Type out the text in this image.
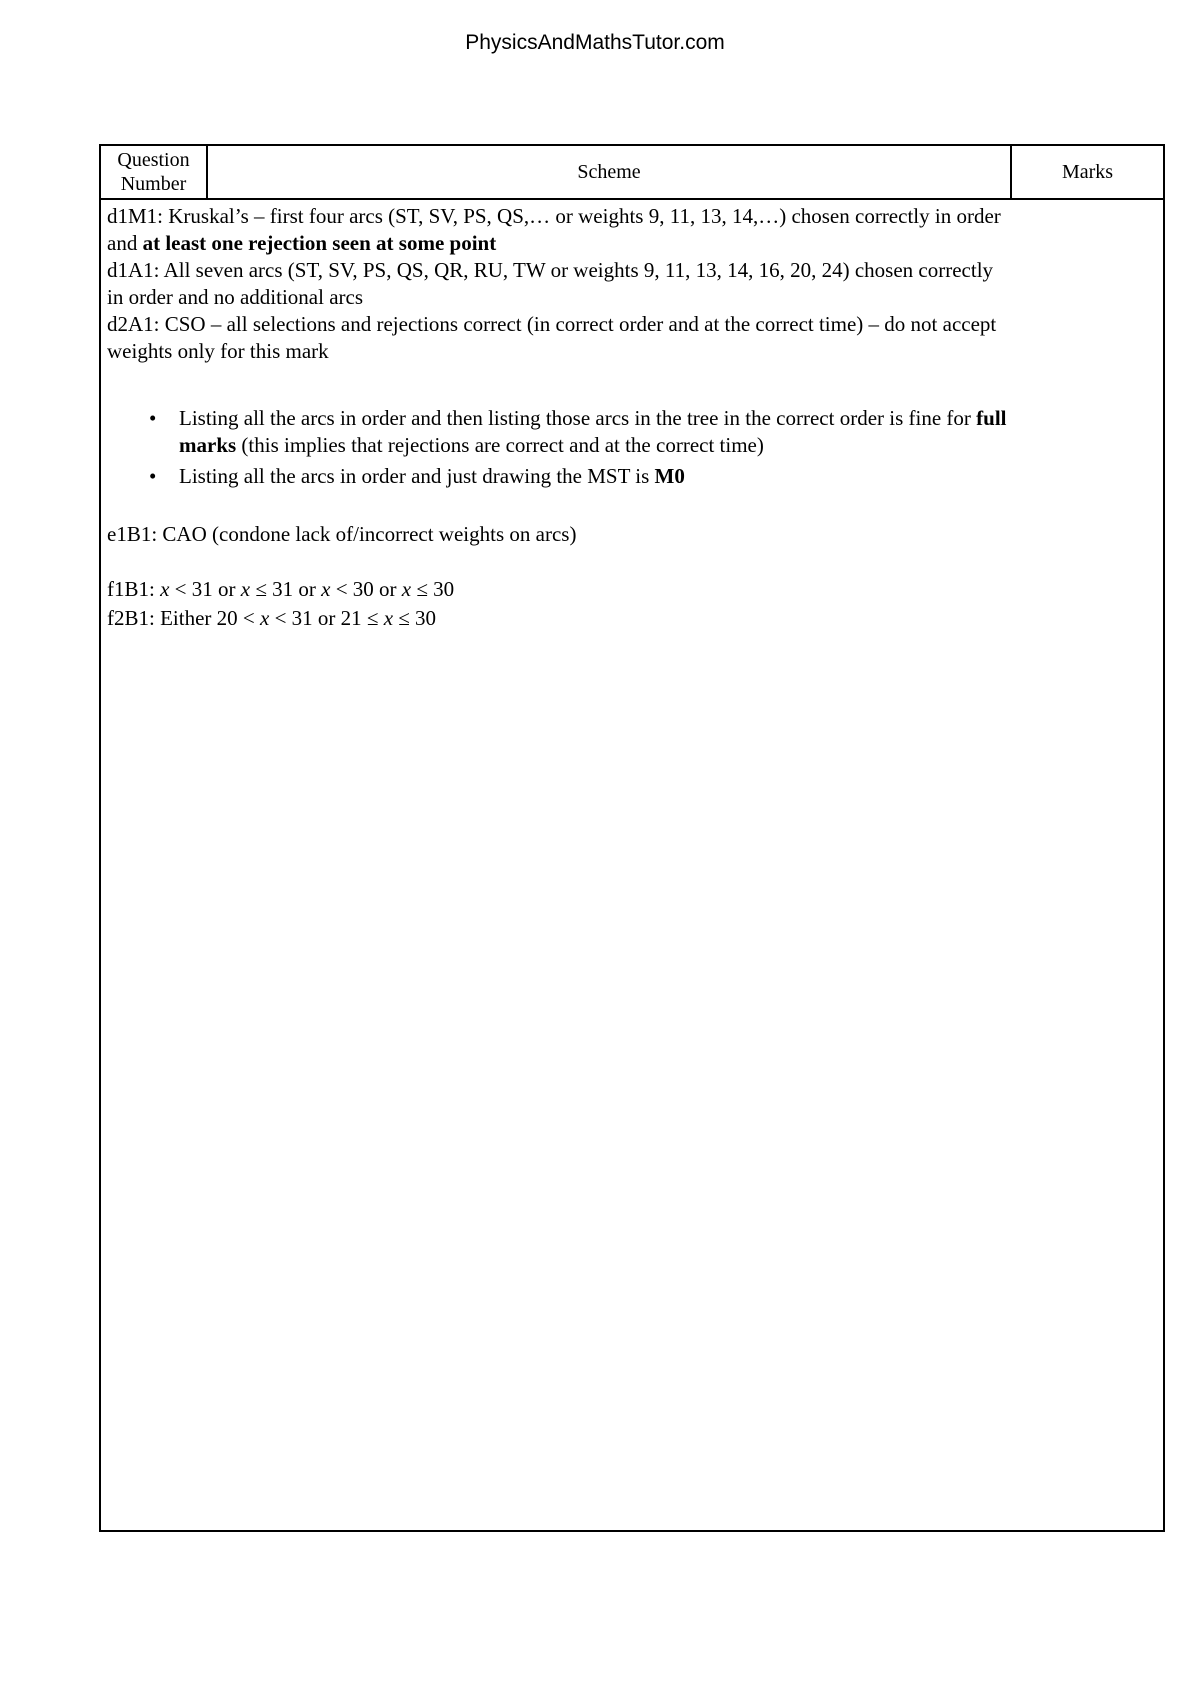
PhysicsAndMathsTutor.com
Question
Number
Scheme	Marks
d1M1: Kruskal’s – first four arcs (ST, SV, PS, QS,… or weights 9, 11, 13, 14,…) chosen correctly in order
and at least one rejection seen at some point
d1A1: All seven arcs (ST, SV, PS, QS, QR, RU, TW or weights 9, 11, 13, 14, 16, 20, 24) chosen correctly
in order and no additional arcs
d2A1: CSO – all selections and rejections correct (in correct order and at the correct time) – do not accept
weights only for this mark
• Listing all the arcs in order and then listing those arcs in the tree in the correct order is fine for full
marks (this implies that rejections are correct and at the correct time)
• Listing all the arcs in order and just drawing the MST is M0
e1B1: CAO (condone lack of/incorrect weights on arcs)
f1B1: x < 31 or x ≤ 31 or x < 30 or x ≤ 30
f2B1: Either 20 < x < 31 or 21 ≤ x ≤ 30
